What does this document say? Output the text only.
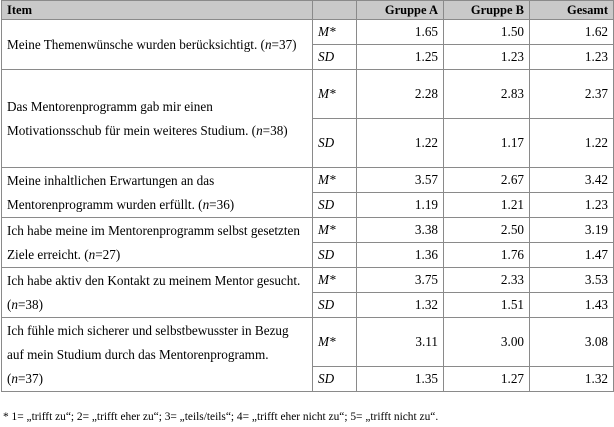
Item		Gruppe A	Gruppe B	Gesamt
Meine Themenwünsche wurden berücksichtigt. (n=37)	M*	1.65	1.50	1.62
	SD	1.25	1.23	1.23
Das Mentorenprogramm gab mir einen Motivationsschub für mein weiteres Studium. (n=38)	M*	2.28	2.83	2.37
	SD	1.22	1.17	1.22
Meine inhaltlichen Erwartungen an das Mentorenprogramm wurden erfüllt. (n=36)	M*	3.57	2.67	3.42
	SD	1.19	1.21	1.23
Ich habe meine im Mentorenprogramm selbst gesetzten Ziele erreicht. (n=27)	M*	3.38	2.50	3.19
	SD	1.36	1.76	1.47
Ich habe aktiv den Kontakt zu meinem Mentor gesucht. (n=38)	M*	3.75	2.33	3.53
	SD	1.32	1.51	1.43
Ich fühle mich sicherer und selbstbewusster in Bezug auf mein Studium durch das Mentorenprogramm. (n=37)	M*	3.11	3.00	3.08
	SD	1.35	1.27	1.32
* 1= „trifft zu“; 2= „trifft eher zu“; 3= „teils/teils“; 4= „trifft eher nicht zu“; 5= „trifft nicht zu“.
